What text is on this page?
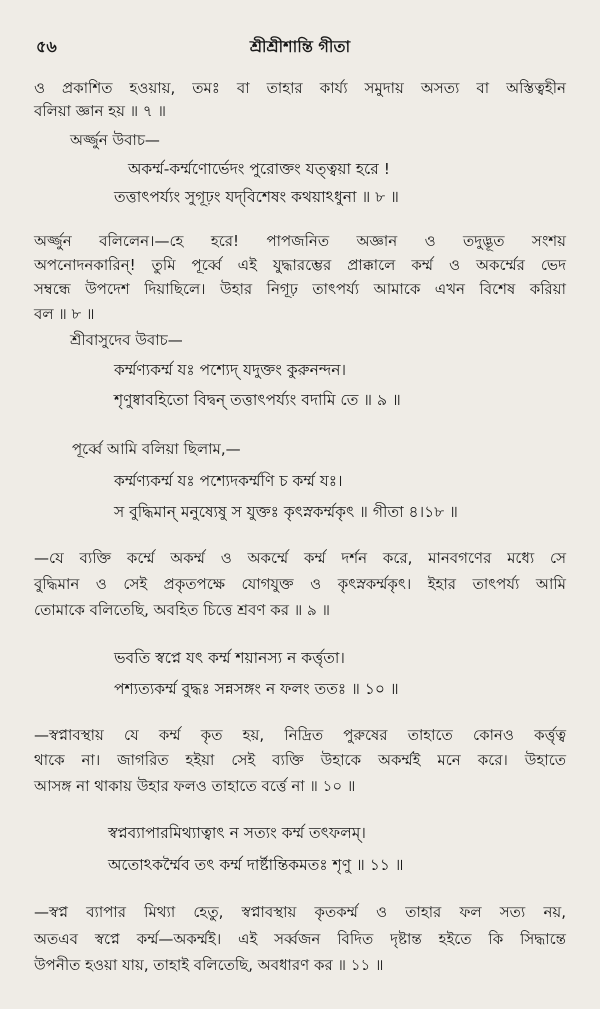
৫৬	শ্রীশ্রীশান্তি গীতা
ও প্রকাশিত হওয়ায়, তমঃ বা তাহার কার্য্য সমুদায় অসত্য বা অস্তিত্বহীন
বলিয়া জ্ঞান হয় ॥ ৭ ॥
অর্জ্জুন উবাচ—
অকর্ম্ম-কর্ম্মণোর্ভেদং পুরোক্তং যত্ত্বয়া হরে !
তত্তাৎপর্য্যং সুগূঢ়ং যদ্‌বিশেষং কথয়াঽধুনা ॥ ৮ ॥
অর্জ্জুন বলিলেন।—হে হরে! পাপজনিত অজ্ঞান ও তদুদ্ভূত সংশয়
অপনোদনকারিন্! তুমি পূর্ব্বে এই যুদ্ধারম্ভের প্রাক্কালে কর্ম্ম ও অকর্ম্মের ভেদ
সম্বন্ধে উপদেশ দিয়াছিলে। উহার নিগূঢ় তাৎপর্য্য আমাকে এখন বিশেষ করিয়া
বল ॥ ৮ ॥
শ্রীবাসুদেব উবাচ—
কর্ম্মণ্যকর্ম্ম যঃ পশ্যেদ্ যদুক্তং কুরুনন্দন।
শৃণুষ্বাবহিতো বিদ্বন্ তত্তাৎপর্য্যং বদামি তে ॥ ৯ ॥
পূর্ব্বে আমি বলিয়া ছিলাম,—
কর্ম্মণ্যকর্ম্ম যঃ পশ্যেদকর্ম্মণি চ কর্ম্ম যঃ।
স বুদ্ধিমান্ মনুষ্যেষু স যুক্তঃ কৃৎস্নকর্ম্মকৃৎ ॥ গীতা ৪।১৮ ॥
—যে ব্যক্তি কর্ম্মে অকর্ম্ম ও অকর্ম্মে কর্ম্ম দর্শন করে, মানবগণের মধ্যে সে
বুদ্ধিমান ও সেই প্রকৃতপক্ষে যোগযুক্ত ও কৃৎস্নকর্ম্মকৃৎ। ইহার তাৎপর্য্য আমি
তোমাকে বলিতেছি, অবহিত চিত্তে শ্রবণ কর ॥ ৯ ॥
ভবতি স্বপ্নে যৎ কর্ম্ম শয়ানস্য ন কর্ত্তৃতা।
পশ্যত্যকর্ম্ম বুদ্ধঃ সন্নসঙ্গং ন ফলং ততঃ ॥ ১০ ॥
—স্বপ্নাবস্থায় যে কর্ম্ম কৃত হয়, নিদ্রিত পুরুষের তাহাতে কোনও কর্ত্তৃত্ব
থাকে না। জাগরিত হইয়া সেই ব্যক্তি উহাকে অকর্ম্মই মনে করে। উহাতে
আসঙ্গ না থাকায় উহার ফলও তাহাতে বর্ত্তে না ॥ ১০ ॥
স্বপ্নব্যাপারমিথ্যাত্বাৎ ন সত্যং কর্ম্ম তৎফলম্।
অতোঽকর্ম্মৈব তৎ কর্ম্ম দার্ষ্টান্তিকমতঃ শৃণু ॥ ১১ ॥
—স্বপ্ন ব্যাপার মিথ্যা হেতু, স্বপ্নাবস্থায় কৃতকর্ম্ম ও তাহার ফল সত্য নয়,
অতএব স্বপ্নে কর্ম্ম—অকর্ম্মই। এই সর্ব্বজন বিদিত দৃষ্টান্ত হইতে কি সিদ্ধান্তে
উপনীত হওয়া যায়, তাহাই বলিতেছি, অবধারণ কর ॥ ১১ ॥
